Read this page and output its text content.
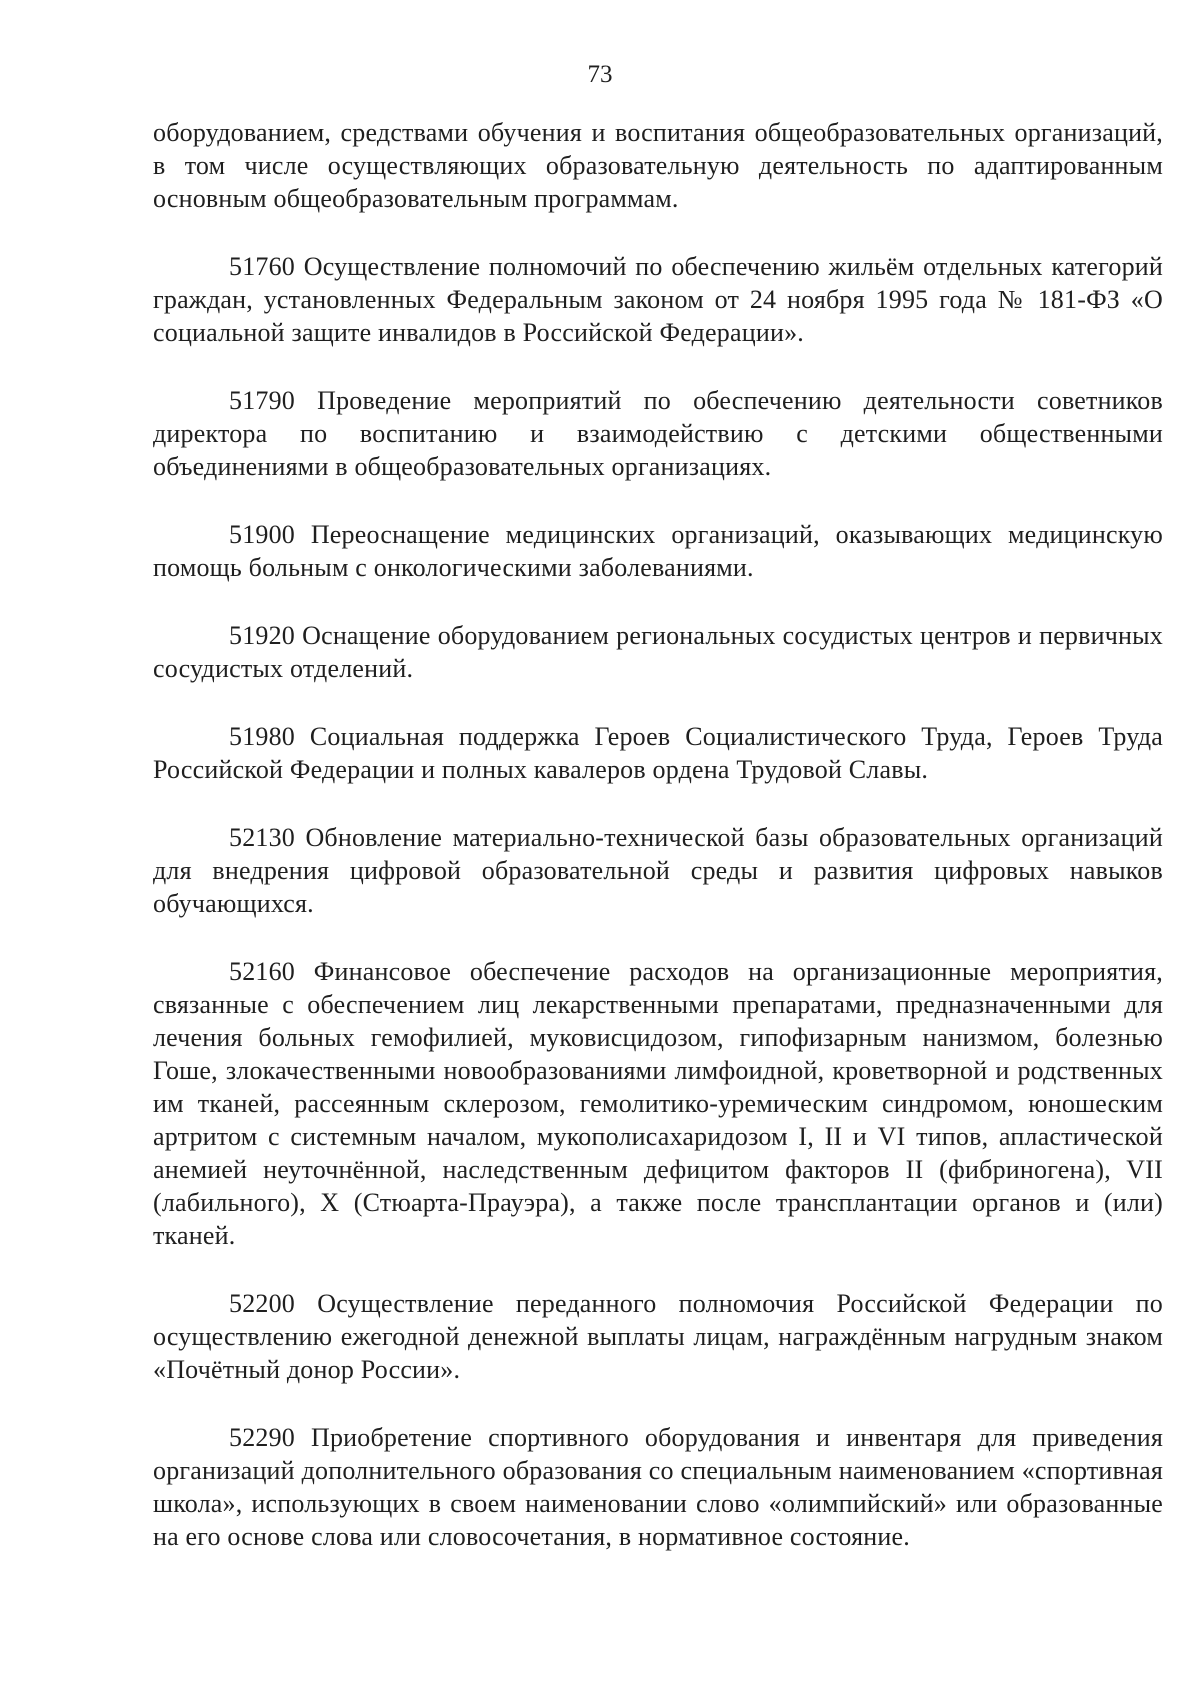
73

оборудованием, средствами обучения и воспитания общеобразовательных организаций, в том числе осуществляющих образовательную деятельность по адаптированным основным общеобразовательным программам.

51760 Осуществление полномочий по обеспечению жильём отдельных категорий граждан, установленных Федеральным законом от 24 ноября 1995 года № 181-ФЗ «О социальной защите инвалидов в Российской Федерации».

51790 Проведение мероприятий по обеспечению деятельности советников директора по воспитанию и взаимодействию с детскими общественными объединениями в общеобразовательных организациях.

51900 Переоснащение медицинских организаций, оказывающих медицинскую помощь больным с онкологическими заболеваниями.

51920 Оснащение оборудованием региональных сосудистых центров и первичных сосудистых отделений.

51980 Социальная поддержка Героев Социалистического Труда, Героев Труда Российской Федерации и полных кавалеров ордена Трудовой Славы.

52130 Обновление материально-технической базы образовательных организаций для внедрения цифровой образовательной среды и развития цифровых навыков обучающихся.

52160 Финансовое обеспечение расходов на организационные мероприятия, связанные с обеспечением лиц лекарственными препаратами, предназначенными для лечения больных гемофилией, муковисцидозом, гипофизарным нанизмом, болезнью Гоше, злокачественными новообразованиями лимфоидной, кроветворной и родственных им тканей, рассеянным склерозом, гемолитико-уремическим синдромом, юношеским артритом с системным началом, мукополисахаридозом I, II и VI типов, апластической анемией неуточнённой, наследственным дефицитом факторов II (фибриногена), VII (лабильного), X (Стюарта-Прауэра), а также после трансплантации органов и (или) тканей.

52200 Осуществление переданного полномочия Российской Федерации по осуществлению ежегодной денежной выплаты лицам, награждённым нагрудным знаком «Почётный донор России».

52290 Приобретение спортивного оборудования и инвентаря для приведения организаций дополнительного образования со специальным наименованием «спортивная школа», использующих в своем наименовании слово «олимпийский» или образованные на его основе слова или словосочетания, в нормативное состояние.
